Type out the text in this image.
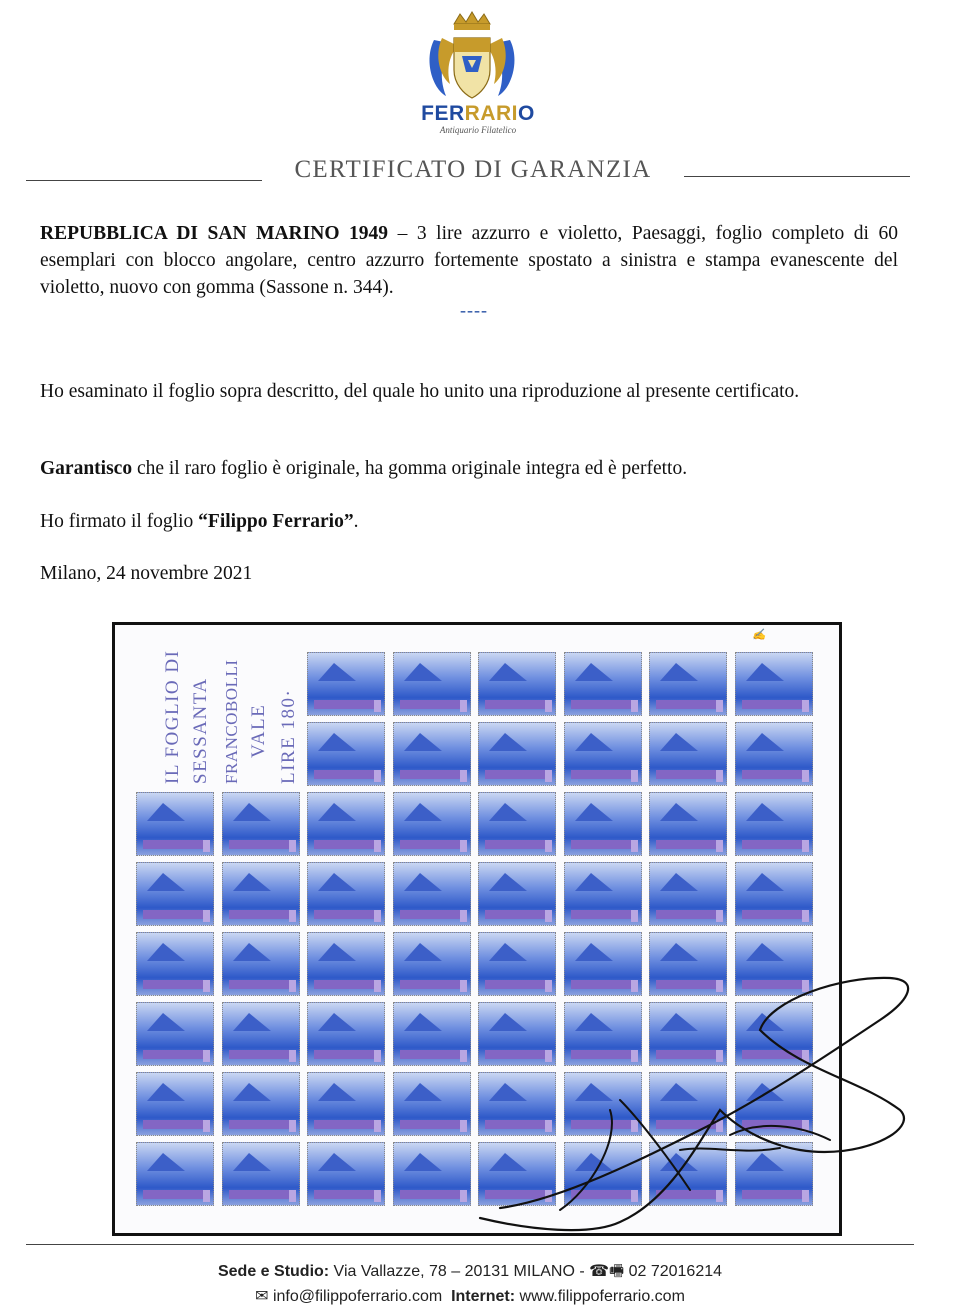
FERRARIO
Antiquario Filatelico
CERTIFICATO DI GARANZIA
REPUBBLICA DI SAN MARINO 1949 – 3 lire azzurro e violetto, Paesaggi, foglio completo di 60 esemplari con blocco angolare, centro azzurro fortemente spostato a sinistra e stampa evanescente del violetto, nuovo con gomma (Sassone n. 344).
----
Ho esaminato il foglio sopra descritto, del quale ho unito una riproduzione al presente certificato.
Garantisco che il raro foglio è originale, ha gomma originale integra ed è perfetto.
Ho firmato il foglio “Filippo Ferrario”.
Milano, 24 novembre 2021
IL FOGLIO DI SESSANTA FRANCOBOLLI VALE LIRE 180·
Sede e Studio: Via Vallazze, 78 – 20131 MILANO - ☎🖷 02 72016214
✉ info@filippoferrario.com Internet: www.filippoferrario.com
✍
